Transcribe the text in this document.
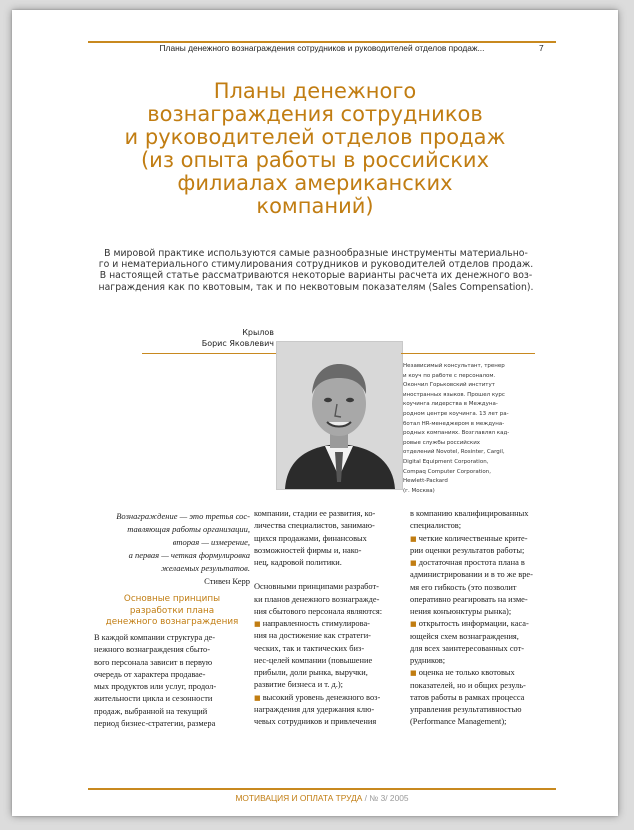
Планы денежного вознаграждения сотрудников и руководителей отделов продаж...	7
Планы денежного
вознаграждения сотрудников
и руководителей отделов продаж
(из опыта работы в российских
филиалах американских
компаний)
В мировой практике используются самые разнообразные инструменты материально-
го и нематериального стимулирования сотрудников и руководителей отделов продаж.
В настоящей статье рассматриваются некоторые варианты расчета их денежного воз-
награждения как по квотовым, так и по неквотовым показателям (Sales Compensation).
Крылов
Борис Яковлевич
Независимый консультант, тренер
и коуч по работе с персоналом.
Окончил Горьковский институт
иностранных языков. Прошел курс
коучинга лидерства в Междуна-
родном центре коучинга. 13 лет ра-
ботал HR-менеджером в междуна-
родных компаниях. Возглавлял кад-
ровые службы российских
отделений Novotel, Rosinter, Cargil,
Digital Equipment Corporation,
Compaq Computer Corporation,
Hewlett-Packard
(г. Москва)
Вознаграждение — это третья сос-
тавляющая работы организации,
вторая — измерение,
а первая — четкая формулировка
желаемых результатов.
Стивен Керр
Основные принципы
разработки плана
денежного вознаграждения
В каждой компании структура де-
нежного вознаграждения сбыто-
вого персонала зависит в первую
очередь от характера продавае-
мых продуктов или услуг, продол-
жительности цикла и сезонности
продаж, выбранной на текущий
период бизнес-стратегии, размера
компании, стадии ее развития, ко-
личества специалистов, занимаю-
щихся продажами, финансовых
возможностей фирмы и, нако-
нец, кадровой политики.
Основными принципами разработ-
ки планов денежного вознагражде-
ния сбытового персонала являются:
■ направленность стимулирова-
ния на достижение как стратеги-
ческих, так и тактических биз-
нес-целей компании (повышение
прибыли, доли рынка, выручки,
развитие бизнеса и т. д.);
■ высокий уровень денежного воз-
награждения для удержания клю-
чевых сотрудников и привлечения
в компанию квалифицированных
специалистов;
■ четкие количественные крите-
рии оценки результатов работы;
■ достаточная простота плана в
администрировании и в то же вре-
мя его гибкость (это позволит
оперативно реагировать на изме-
нения конъюнктуры рынка);
■ открытость информации, каса-
ющейся схем вознаграждения,
для всех заинтересованных сот-
рудников;
■ оценка не только квотовых
показателей, но и общих резуль-
татов работы в рамках процесса
управления результативностью
(Performance Management);
МОТИВАЦИЯ И ОПЛАТА ТРУДА / № 3/ 2005
